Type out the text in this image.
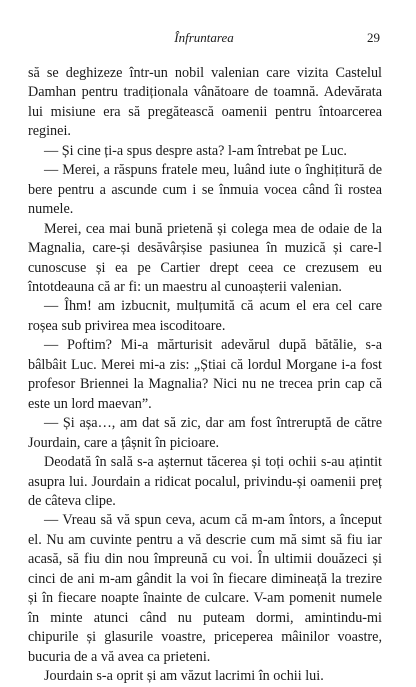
Înfruntarea	29

să se deghizeze într-un nobil valenian care vizita Castelul Damhan pentru tradiționala vânătoare de toamnă. Adevărata lui misiune era să pregătească oamenii pentru întoarcerea reginei.

— Și cine ți-a spus despre asta? l-am întrebat pe Luc.

— Merei, a răspuns fratele meu, luând iute o înghițitură de bere pentru a ascunde cum i se înmuia vocea când îi rostea numele.

Merei, cea mai bună prietenă și colega mea de odaie de la Magnalia, care-și desăvârșise pasiunea în muzică și care-l cunoscuse și ea pe Cartier drept ceea ce crezusem eu întotdeauna că ar fi: un maestru al cunoașterii valenian.

— Îhm! am izbucnit, mulțumită că acum el era cel care roșea sub privirea mea iscoditoare.

— Poftim? Mi-a mărturisit adevărul după bătălie, s-a bâlbâit Luc. Merei mi-a zis: „Știai că lordul Morgane i-a fost profesor Briennei la Magnalia? Nici nu ne trecea prin cap că este un lord maevan”.

— Și așa…, am dat să zic, dar am fost întreruptă de către Jourdain, care a țâșnit în picioare.

Deodată în sală s-a așternut tăcerea și toți ochii s-au ațintit asupra lui. Jourdain a ridicat pocalul, privindu-și oamenii preț de câteva clipe.

— Vreau să vă spun ceva, acum că m-am întors, a început el. Nu am cuvinte pentru a vă descrie cum mă simt să fiu iar acasă, să fiu din nou împreună cu voi. În ultimii douăzeci și cinci de ani m-am gândit la voi în fiecare dimineață la trezire și în fiecare noapte înainte de culcare. V-am pomenit numele în minte atunci când nu puteam dormi, amintindu-mi chipurile și glasurile voastre, priceperea mâinilor voastre, bucuria de a vă avea ca prieteni.

Jourdain s-a oprit și am văzut lacrimi în ochii lui.
